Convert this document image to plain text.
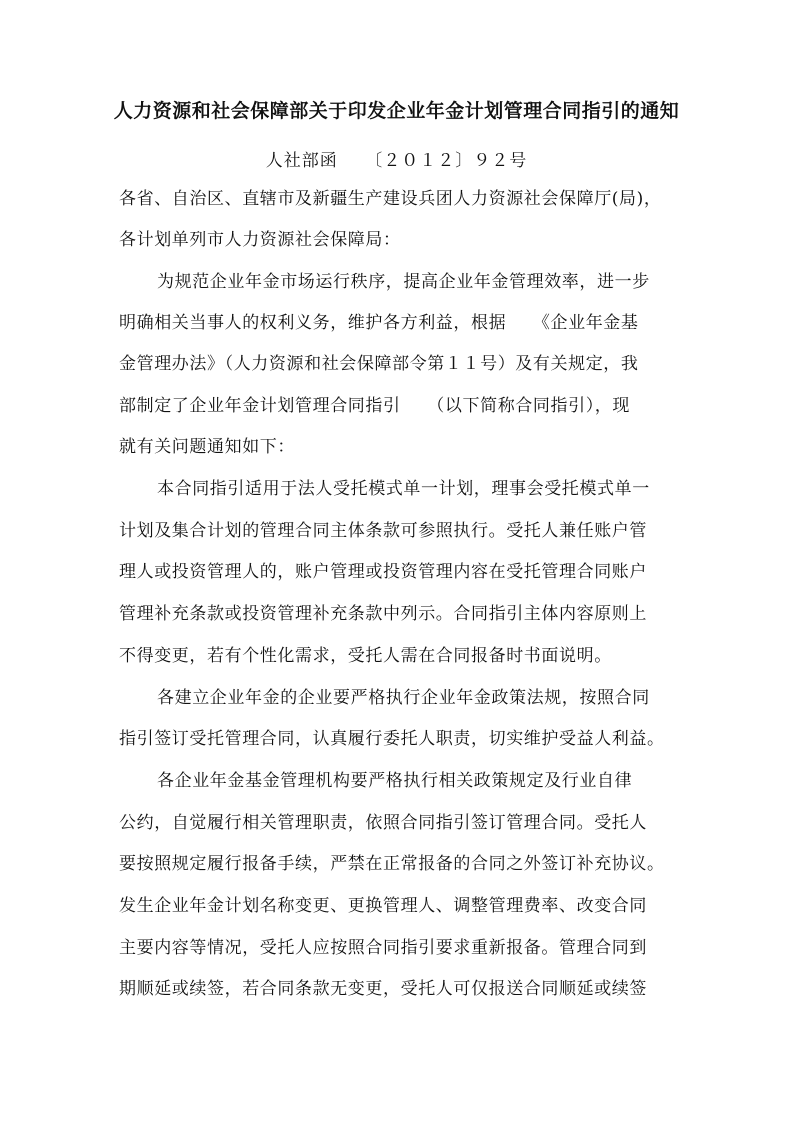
人力资源和社会保障部关于印发企业年金计划管理合同指引的通知
人社部函　　〔２０１２〕９２号
各省、自治区、直辖市及新疆生产建设兵团人力资源社会保障厅(局)，
各计划单列市人力资源社会保障局：
为规范企业年金市场运行秩序，提高企业年金管理效率，进一步
明确相关当事人的权利义务，维护各方利益，根据　　《企业年金基
金管理办法》（人力资源和社会保障部令第１１号）及有关规定，我
部制定了企业年金计划管理合同指引　　（以下简称合同指引），现
就有关问题通知如下：
本合同指引适用于法人受托模式单一计划，理事会受托模式单一
计划及集合计划的管理合同主体条款可参照执行。受托人兼任账户管
理人或投资管理人的，账户管理或投资管理内容在受托管理合同账户
管理补充条款或投资管理补充条款中列示。合同指引主体内容原则上
不得变更，若有个性化需求，受托人需在合同报备时书面说明。
各建立企业年金的企业要严格执行企业年金政策法规，按照合同
指引签订受托管理合同，认真履行委托人职责，切实维护受益人利益。
各企业年金基金管理机构要严格执行相关政策规定及行业自律
公约，自觉履行相关管理职责，依照合同指引签订管理合同。受托人
要按照规定履行报备手续，严禁在正常报备的合同之外签订补充协议。
发生企业年金计划名称变更、更换管理人、调整管理费率、改变合同
主要内容等情况，受托人应按照合同指引要求重新报备。管理合同到
期顺延或续签，若合同条款无变更，受托人可仅报送合同顺延或续签
